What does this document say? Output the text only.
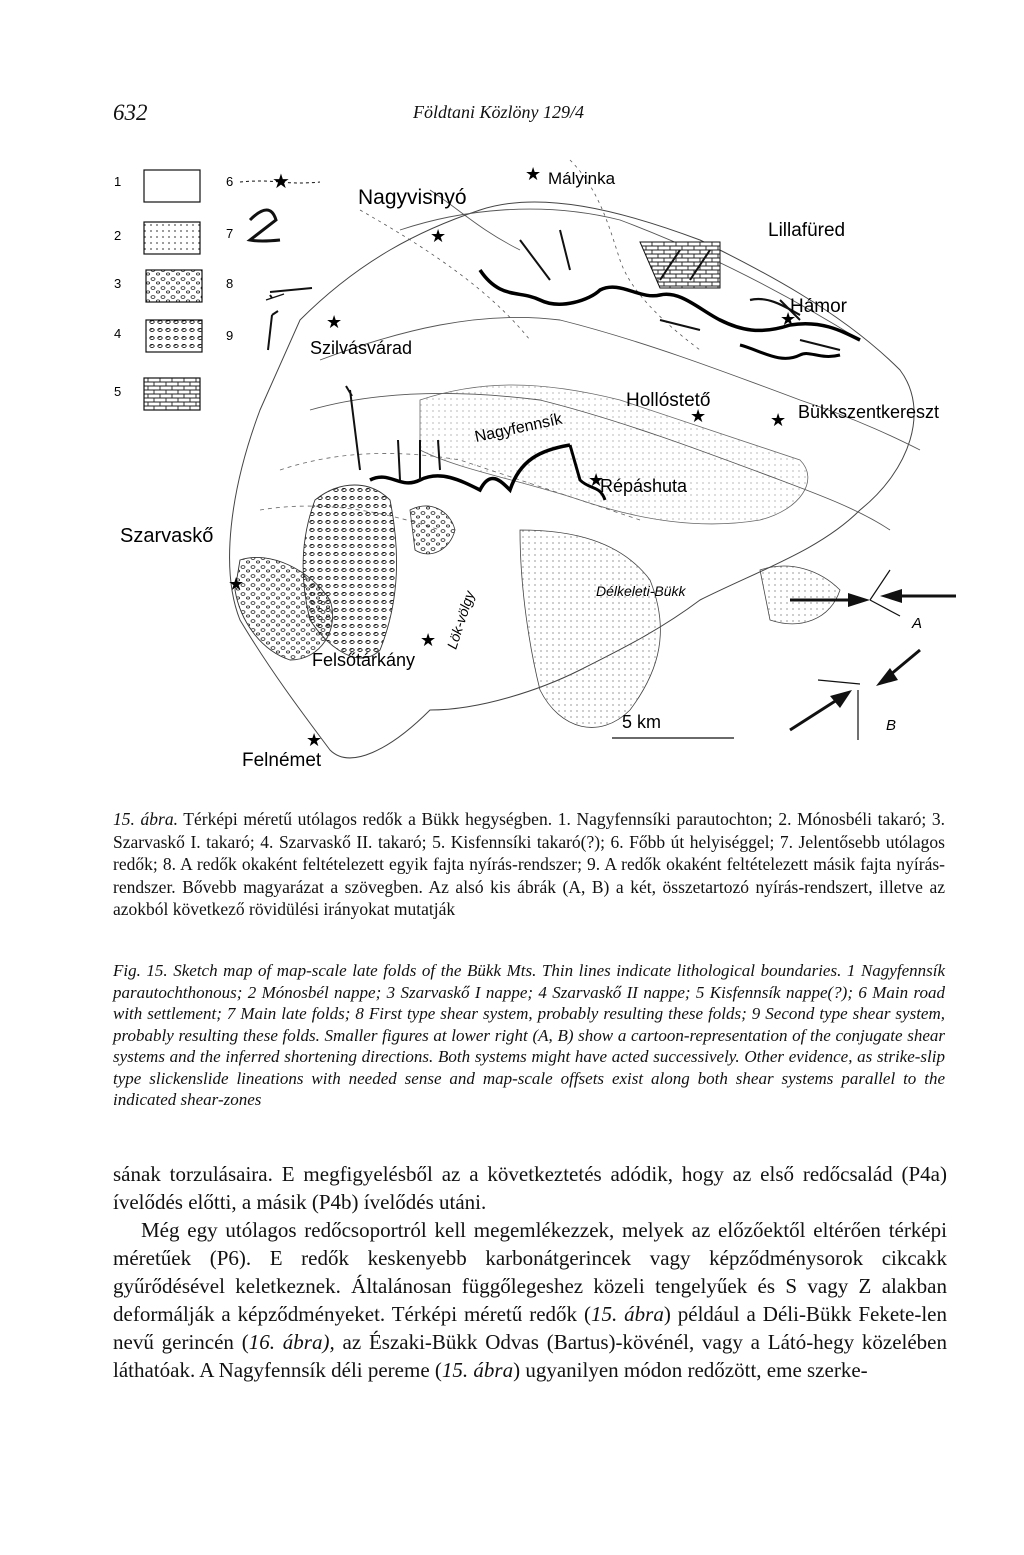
632	Földtani Közlöny 129/4
1
2
3
4
5
6 ★
7
8
9
★
★
★	★
★	★
★
★
★
★
Mályinka
Nagyvisnyó
Lillafüred
Hámor
Szilvásvárad
Hollóstető
Nagyfennsík	Bükkszentkereszt
Répáshuta
Szarvaskő
Délkeleti-Bükk
Lök-völgy
Felsőtárkány
Felnémet
5 km
A
B
15. ábra. Térképi méretű utólagos redők a Bükk hegységben. 1. Nagyfennsíki parautochton; 2. Mónosbéli takaró; 3. Szarvaskő I. takaró; 4. Szarvaskő II. takaró; 5. Kisfennsíki takaró(?); 6. Főbb út helyiséggel; 7. Jelentősebb utólagos redők; 8. A redők okaként feltételezett egyik fajta nyírás-rendszer; 9. A redők okaként feltételezett másik fajta nyírás-rendszer. Bővebb magyarázat a szövegben. Az alsó kis ábrák (A, B) a két, összetartozó nyírás-rendszert, illetve az azokból következő rövidülési irányokat mutatják
Fig. 15. Sketch map of map-scale late folds of the Bükk Mts. Thin lines indicate lithological boundaries. 1 Nagyfennsík parautochthonous; 2 Mónosbél nappe; 3 Szarvaskő I nappe; 4 Szarvaskő II nappe; 5 Kisfennsík nappe(?); 6 Main road with settlement; 7 Main late folds; 8 First type shear system, probably resulting these folds; 9 Second type shear system, probably resulting these folds. Smaller figures at lower right (A, B) show a cartoon-representation of the conjugate shear systems and the inferred shortening directions. Both systems might have acted successively. Other evidence, as strike-slip type slickenslide lineations with needed sense and map-scale offsets exist along both shear systems parallel to the indicated shear-zones

sának torzulásaira. E megfigyelésből az a következtetés adódik, hogy az első redőcsalád (P4a) ívelődés előtti, a másik (P4b) ívelődés utáni.

Még egy utólagos redőcsoportról kell megemlékezzek, melyek az előzőektől eltérően térképi méretűek (P6). E redők keskenyebb karbonátgerincek vagy képződménysorok cikcakk gyűrődésével keletkeznek. Általánosan függőlegeshez közeli tengelyűek és S vagy Z alakban deformálják a képződményeket. Térképi méretű redők (15. ábra) például a Déli-Bükk Fekete-len nevű gerincén (16. ábra), az Északi-Bükk Odvas (Bartus)-kövénél, vagy a Látó-hegy közelében láthatóak. A Nagyfennsík déli pereme (15. ábra) ugyanilyen módon redőzött, eme szerke-
